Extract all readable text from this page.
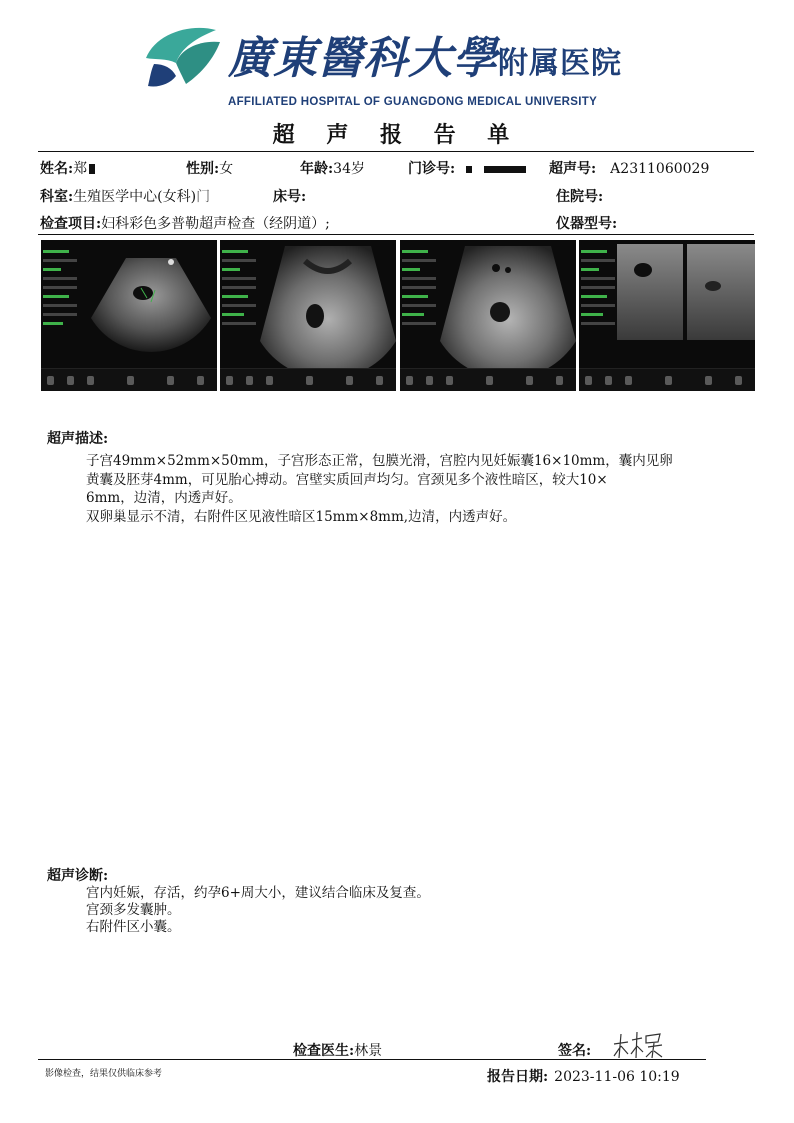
廣東醫科大學附属医院
AFFILIATED HOSPITAL OF GUANGDONG MEDICAL UNIVERSITY
超 声 报 告 单
姓名:郑	性别:女	年龄:34岁	门诊号:	超声号: A2311060029
科室:生殖医学中心(女科)门	床号:	住院号:
检查项目:妇科彩色多普勒超声检查（经阴道）;	仪器型号:
超声描述:
子宫49mm×52mm×50mm，子宫形态正常，包膜光滑，宫腔内见妊娠囊16×10mm，囊内见卵
黄囊及胚芽4mm，可见胎心搏动。宫壁实质回声均匀。宫颈见多个液性暗区，较大10×
6mm，边清，内透声好。
双卵巢显示不清，右附件区见液性暗区15mm×8mm,边清，内透声好。
超声诊断:
宫内妊娠，存活，约孕6+周大小，建议结合临床及复查。
宫颈多发囊肿。
右附件区小囊。
检查医生:林景	签名:
影像检查，结果仅供临床参考	报告日期: 2023-11-06 10:19
